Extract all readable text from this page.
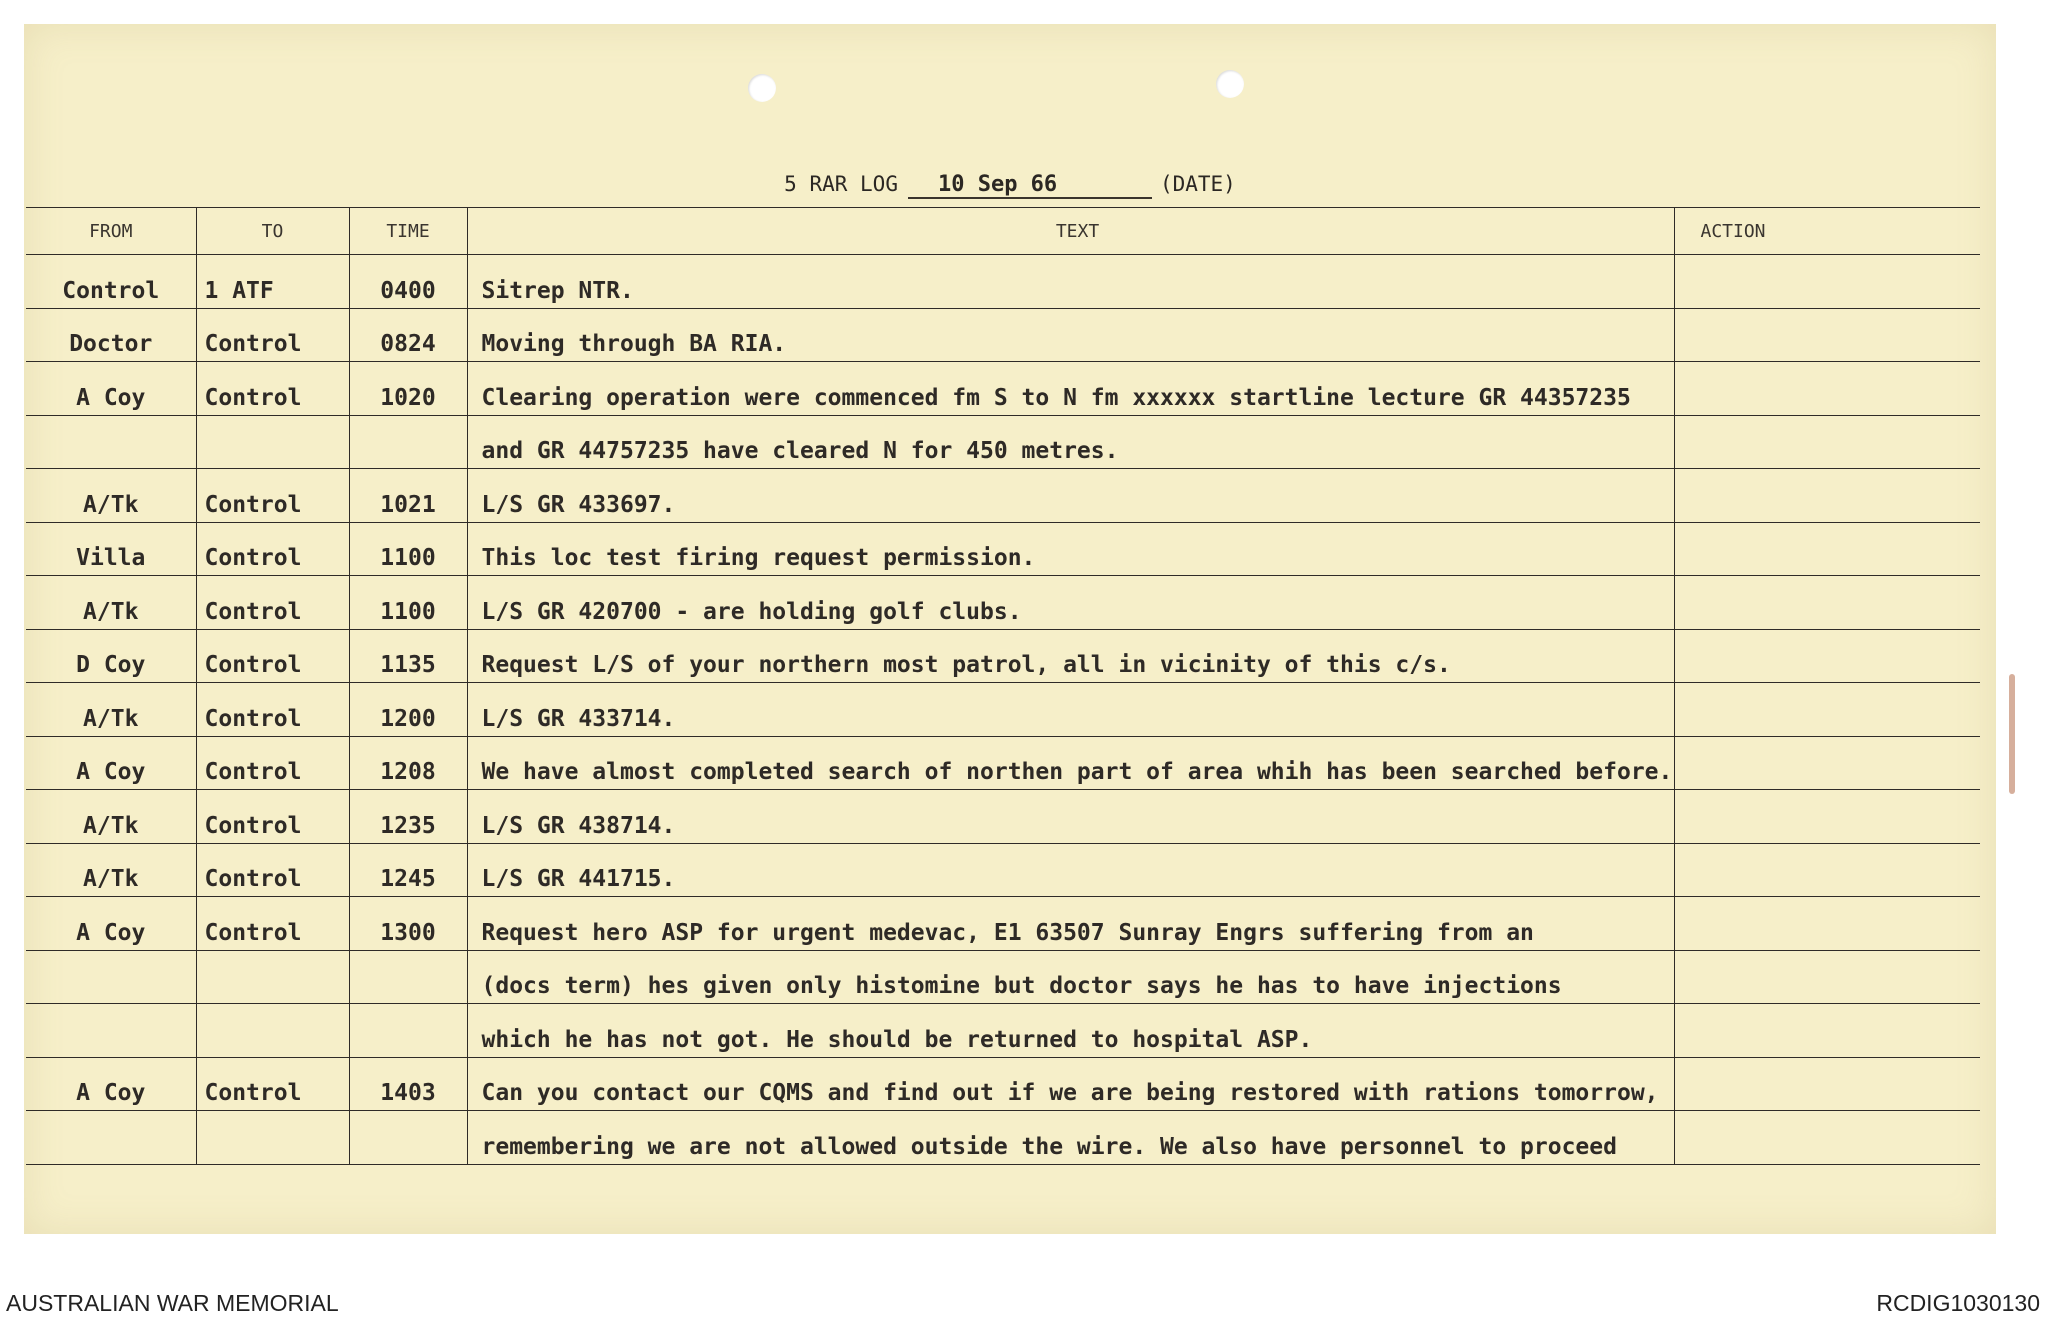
5 RAR LOG 10 Sep 66	(DATE)
FROM	TO	TIME	TEXT	ACTION
Control	1 ATF	0400	Sitrep NTR.	
Doctor	Control	0824	Moving through BA RIA.	
A Coy	Control	1020	Clearing operation were commenced fm S to N fm xxxxxx startline lecture GR 44357235	
			and GR 44757235 have cleared N for 450 metres.	
A/Tk	Control	1021	L/S GR 433697.	
Villa	Control	1100	This loc test firing request permission.	
A/Tk	Control	1100	L/S GR 420700 - are holding golf clubs.	
D Coy	Control	1135	Request L/S of your northern most patrol, all in vicinity of this c/s.	
A/Tk	Control	1200	L/S GR 433714.	
A Coy	Control	1208	We have almost completed search of northen part of area whih has been searched before.	
A/Tk	Control	1235	L/S GR 438714.	
A/Tk	Control	1245	L/S GR 441715.	
A Coy	Control	1300	Request hero ASP for urgent medevac, E1 63507 Sunray Engrs suffering from an	
			(docs term) hes given only histomine but doctor says he has to have injections	
			which he has not got. He should be returned to hospital ASP.	
A Coy	Control	1403	Can you contact our CQMS and find out if we are being restored with rations tomorrow,	
			remembering we are not allowed outside the wire. We also have personnel to proceed	
AUSTRALIAN WAR MEMORIAL	RCDIG1030130
